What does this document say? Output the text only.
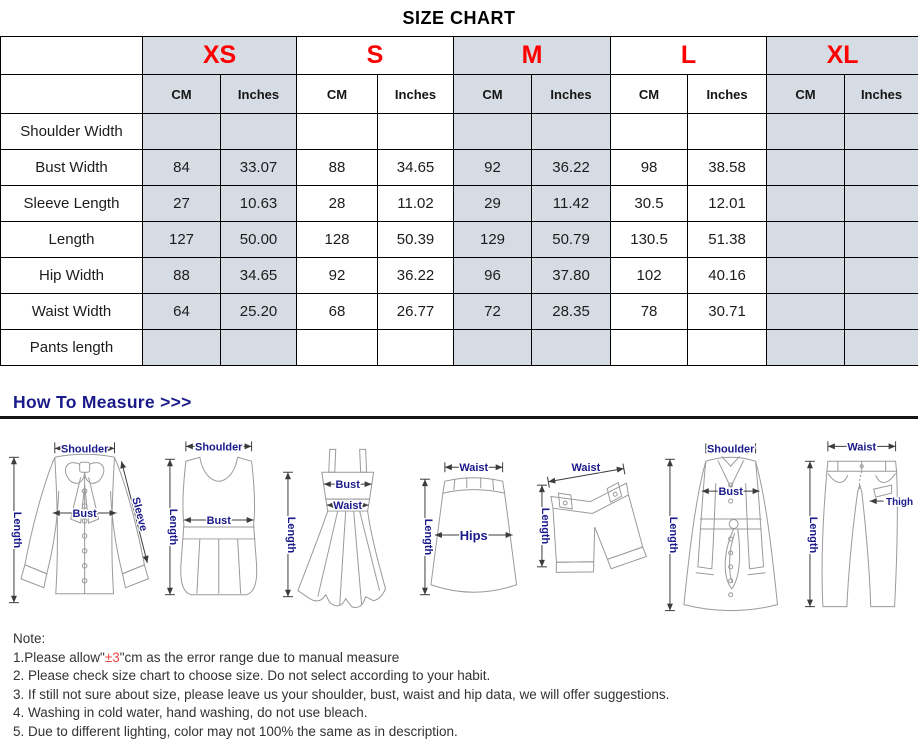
SIZE CHART
	XS		S		M		L		XL	
	CM	Inches	CM	Inches	CM	Inches	CM	Inches	CM	Inches
Shoulder Width										
Bust Width	84	33.07	88	34.65	92	36.22	98	38.58		
Sleeve Length	27	10.63	28	11.02	29	11.42	30.5	12.01		
Length	127	50.00	128	50.39	129	50.79	130.5	51.38		
Hip Width	88	34.65	92	36.22	96	37.80	102	40.16		
Waist Width	64	25.20	68	26.77	72	28.35	78	30.71		
Pants length										
How To Measure >>>
Shoulder
Length	Bust	Sleeve
Shoulder
Length	Bust	Length
Bust
Waist
Waist
Length Hips
Waist
Length
Shoulder
Length
Bust
Waist
Length
Thigh
Note:
1.Please allow"±3"cm as the error range due to manual measure
2. Please check size chart to choose size. Do not select according to your habit.
3. If still not sure about size, please leave us your shoulder, bust, waist and hip data, we will offer suggestions.
4. Washing in cold water, hand washing, do not use bleach.
5. Due to different lighting, color may not 100% the same as in description.
